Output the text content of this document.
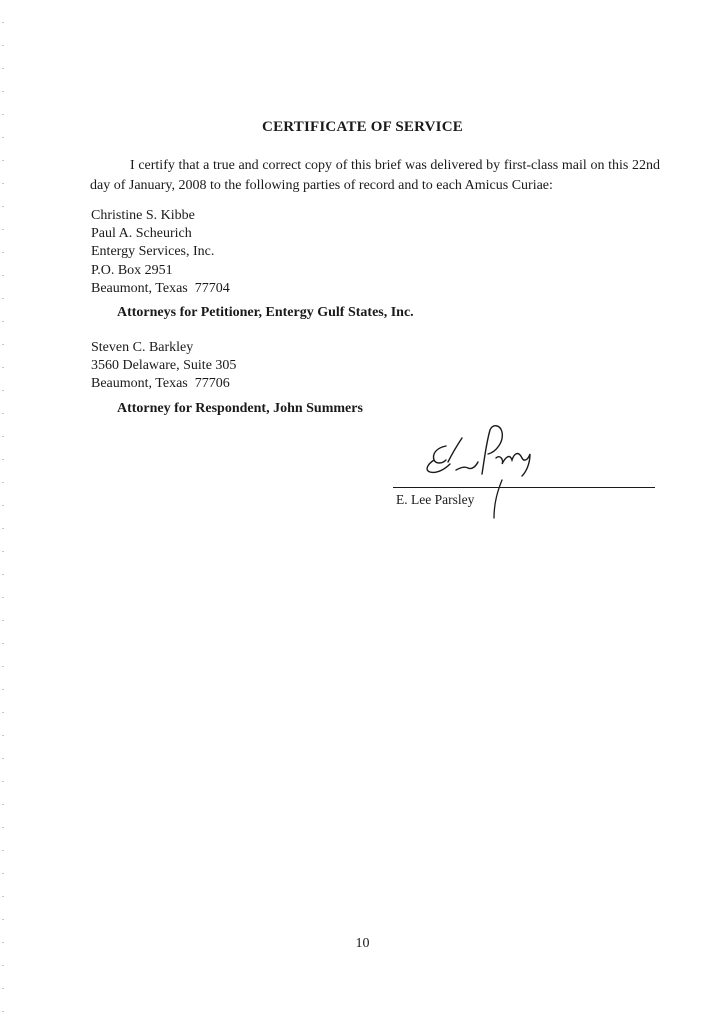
CERTIFICATE OF SERVICE
I certify that a true and correct copy of this brief was delivered by first-class mail on this 22nd day of January, 2008 to the following parties of record and to each Amicus Curiae:
Christine S. Kibbe
Paul A. Scheurich
Entergy Services, Inc.
P.O. Box 2951
Beaumont, Texas  77704
Attorneys for Petitioner, Entergy Gulf States, Inc.
Steven C. Barkley
3560 Delaware, Suite 305
Beaumont, Texas  77706
Attorney for Respondent, John Summers
E. Lee Parsley
10
